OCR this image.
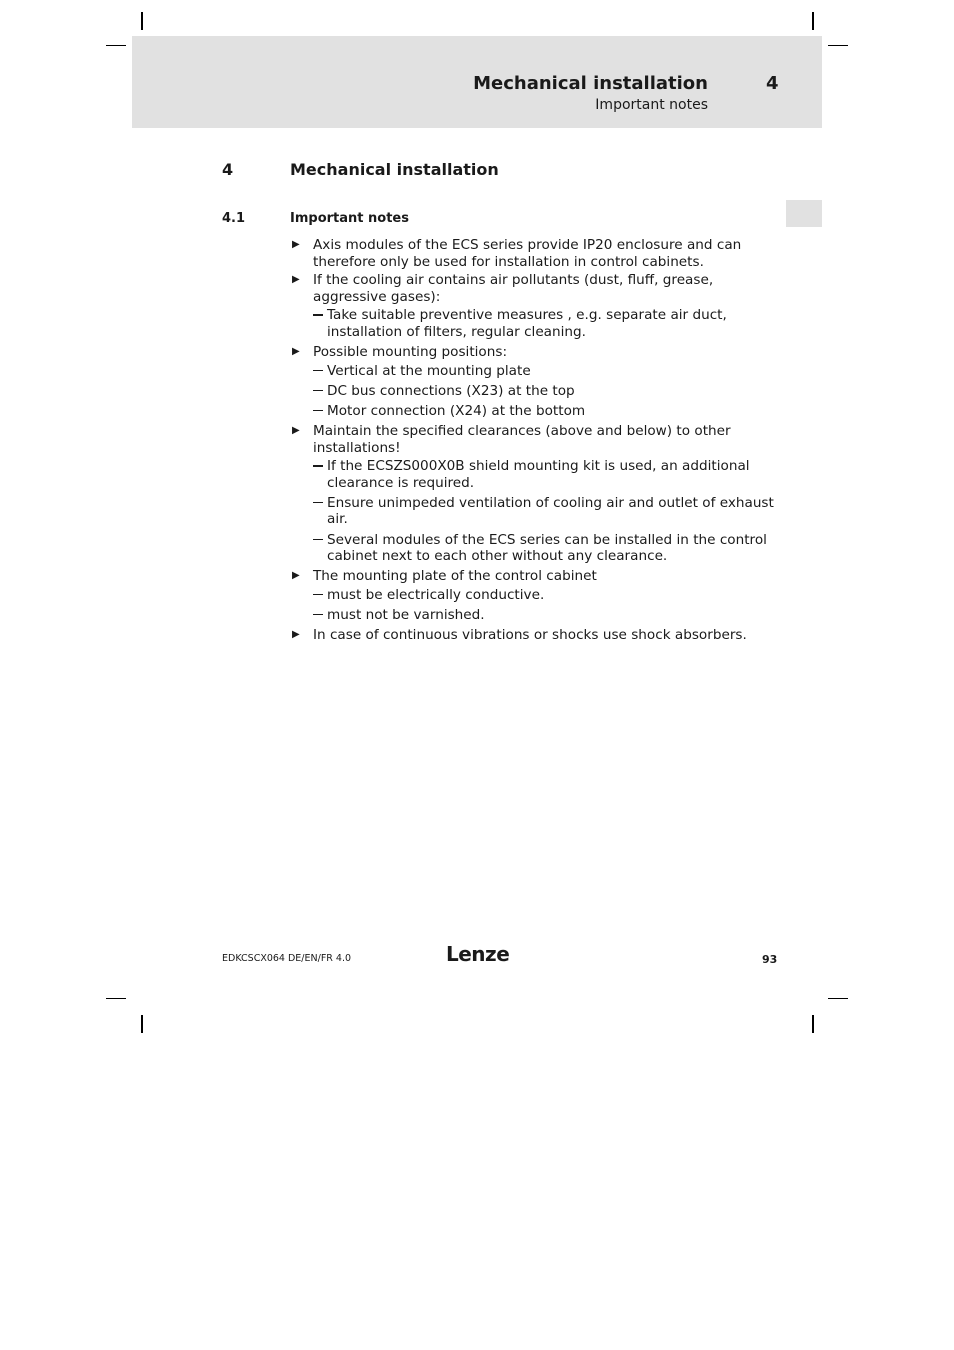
Mechanical installation	4
Important notes
4	Mechanical installation
4.1	Important notes
▶ Axis modules of the ECS series provide IP20 enclosure and can therefore only be used for installation in control cabinets.
▶ If the cooling air contains air pollutants (dust, fluff, grease, aggressive gases):
Take suitable preventive measures , e.g. separate air duct, installation of filters, regular cleaning.
▶ Possible mounting positions:
Vertical at the mounting plate
DC bus connections (X23) at the top
Motor connection (X24) at the bottom
▶ Maintain the specified clearances (above and below) to other installations!
If the ECSZS000X0B shield mounting kit is used, an additional clearance is required.
Ensure unimpeded ventilation of cooling air and outlet of exhaust air.
Several modules of the ECS series can be installed in the control cabinet next to each other without any clearance.
▶ The mounting plate of the control cabinet
must be electrically conductive.
must not be varnished.
▶ In case of continuous vibrations or shocks use shock absorbers.
EDKCSCX064 DE/EN/FR 4.0	Lenze	93
